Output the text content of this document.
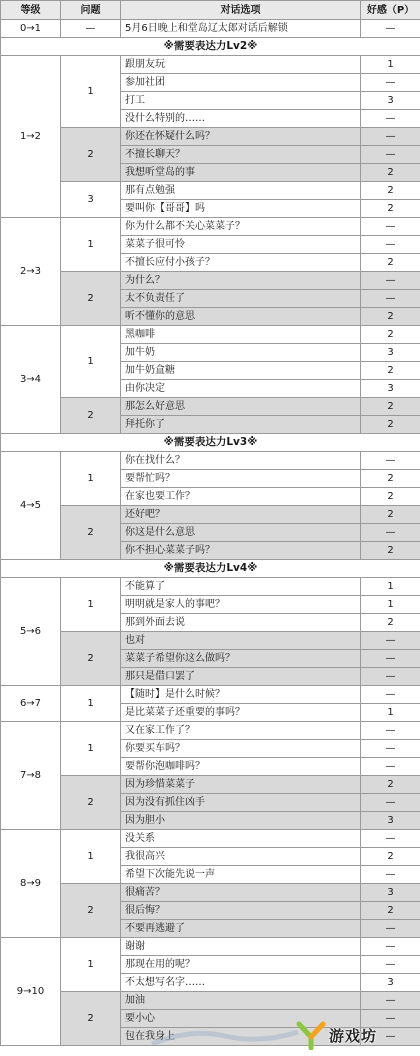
等级	问题	对话选项	好感（P）
0→1	—	5月6日晚上和堂岛辽太郎对话后解锁	—
※需要表达力Lv2※			
1→2	1	跟朋友玩	1
		参加社团	—
		打工	3
		没什么特别的……	—
	2	你还在怀疑什么吗？	—
		不擅长聊天？	—
		我想听堂岛的事	2
	3	那有点勉强	2
		要叫你【哥哥】吗	2
2→3	1	你为什么都不关心菜菜子？	—
		菜菜子很可怜	—
		不擅长应付小孩子？	2
	2	为什么？	—
		太不负责任了	—
		听不懂你的意思	2
3→4	1	黑咖啡	2
		加牛奶	3
		加牛奶盒糖	2
		由你决定	3
	2	那怎么好意思	2
		拜托你了	2
※需要表达力Lv3※			
4→5	1	你在找什么？	—
		要帮忙吗？	2
		在家也要工作？	2
	2	还好吧？	2
		你这是什么意思	—
		你不担心菜菜子吗？	2
※需要表达力Lv4※			
5→6	1	不能算了	1
		明明就是家人的事吧？	1
		那到外面去说	2
	2	也对	—
		菜菜子希望你这么做吗？	—
		那只是借口罢了	—
6→7	1	【随时】是什么时候？	—
		是比菜菜子还重要的事吗？	1
7→8	1	又在家工作了？	—
		你要买车吗？	—
		要帮你泡咖啡吗？	—
	2	因为珍惜菜菜子	2
		因为没有抓住凶手	—
		因为胆小	3
8→9	1	没关系	—
		我很高兴	2
		希望下次能先说一声	—
	2	很痛苦？	3
		很后悔？	2
		不要再逃避了	—
9→10	1	谢谢	—
		那现在用的呢？	—
		不太想写名字……	3
	2	加油	—
		要小心	—
		包在我身上	—
游戏坊
